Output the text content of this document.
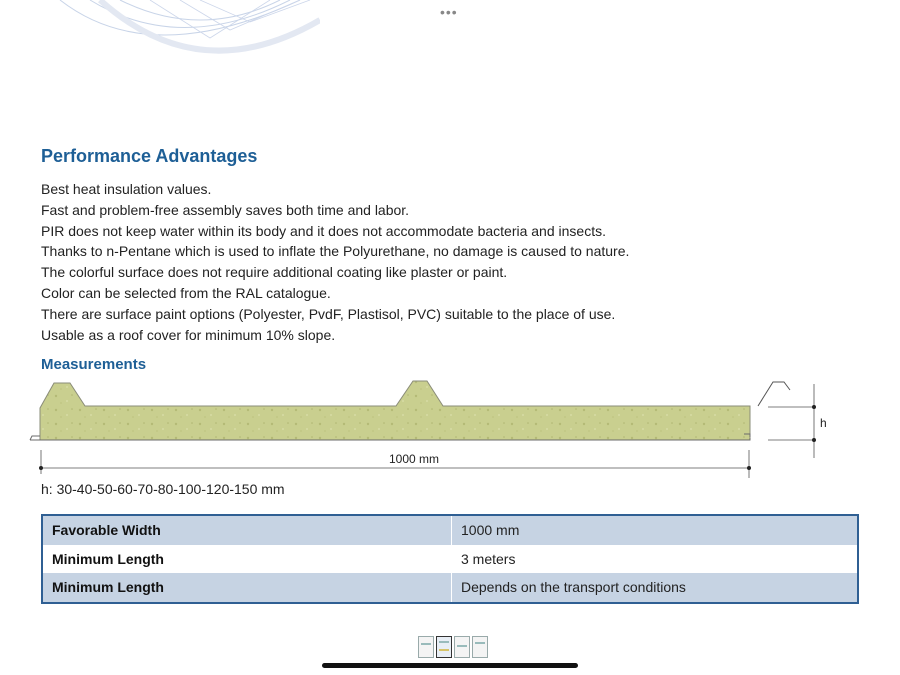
•••
Performance Advantages
Best heat insulation values.
Fast and problem-free assembly saves both time and labor.
PIR does not keep water within its body and it does not accommodate bacteria and insects.
Thanks to n-Pentane which is used to inflate the Polyurethane, no damage is caused to nature.
The colorful surface does not require additional coating like plaster or paint.
Color can be selected from the RAL catalogue.
There are surface paint options (Polyester, PvdF, Plastisol, PVC) suitable to the place of use.
Usable as a roof cover for minimum 10% slope.
Measurements
h
1000 mm
h: 30-40-50-60-70-80-100-120-150 mm
Favorable Width	1000 mm
Minimum Length	3 meters
Minimum Length	Depends on the transport conditions
